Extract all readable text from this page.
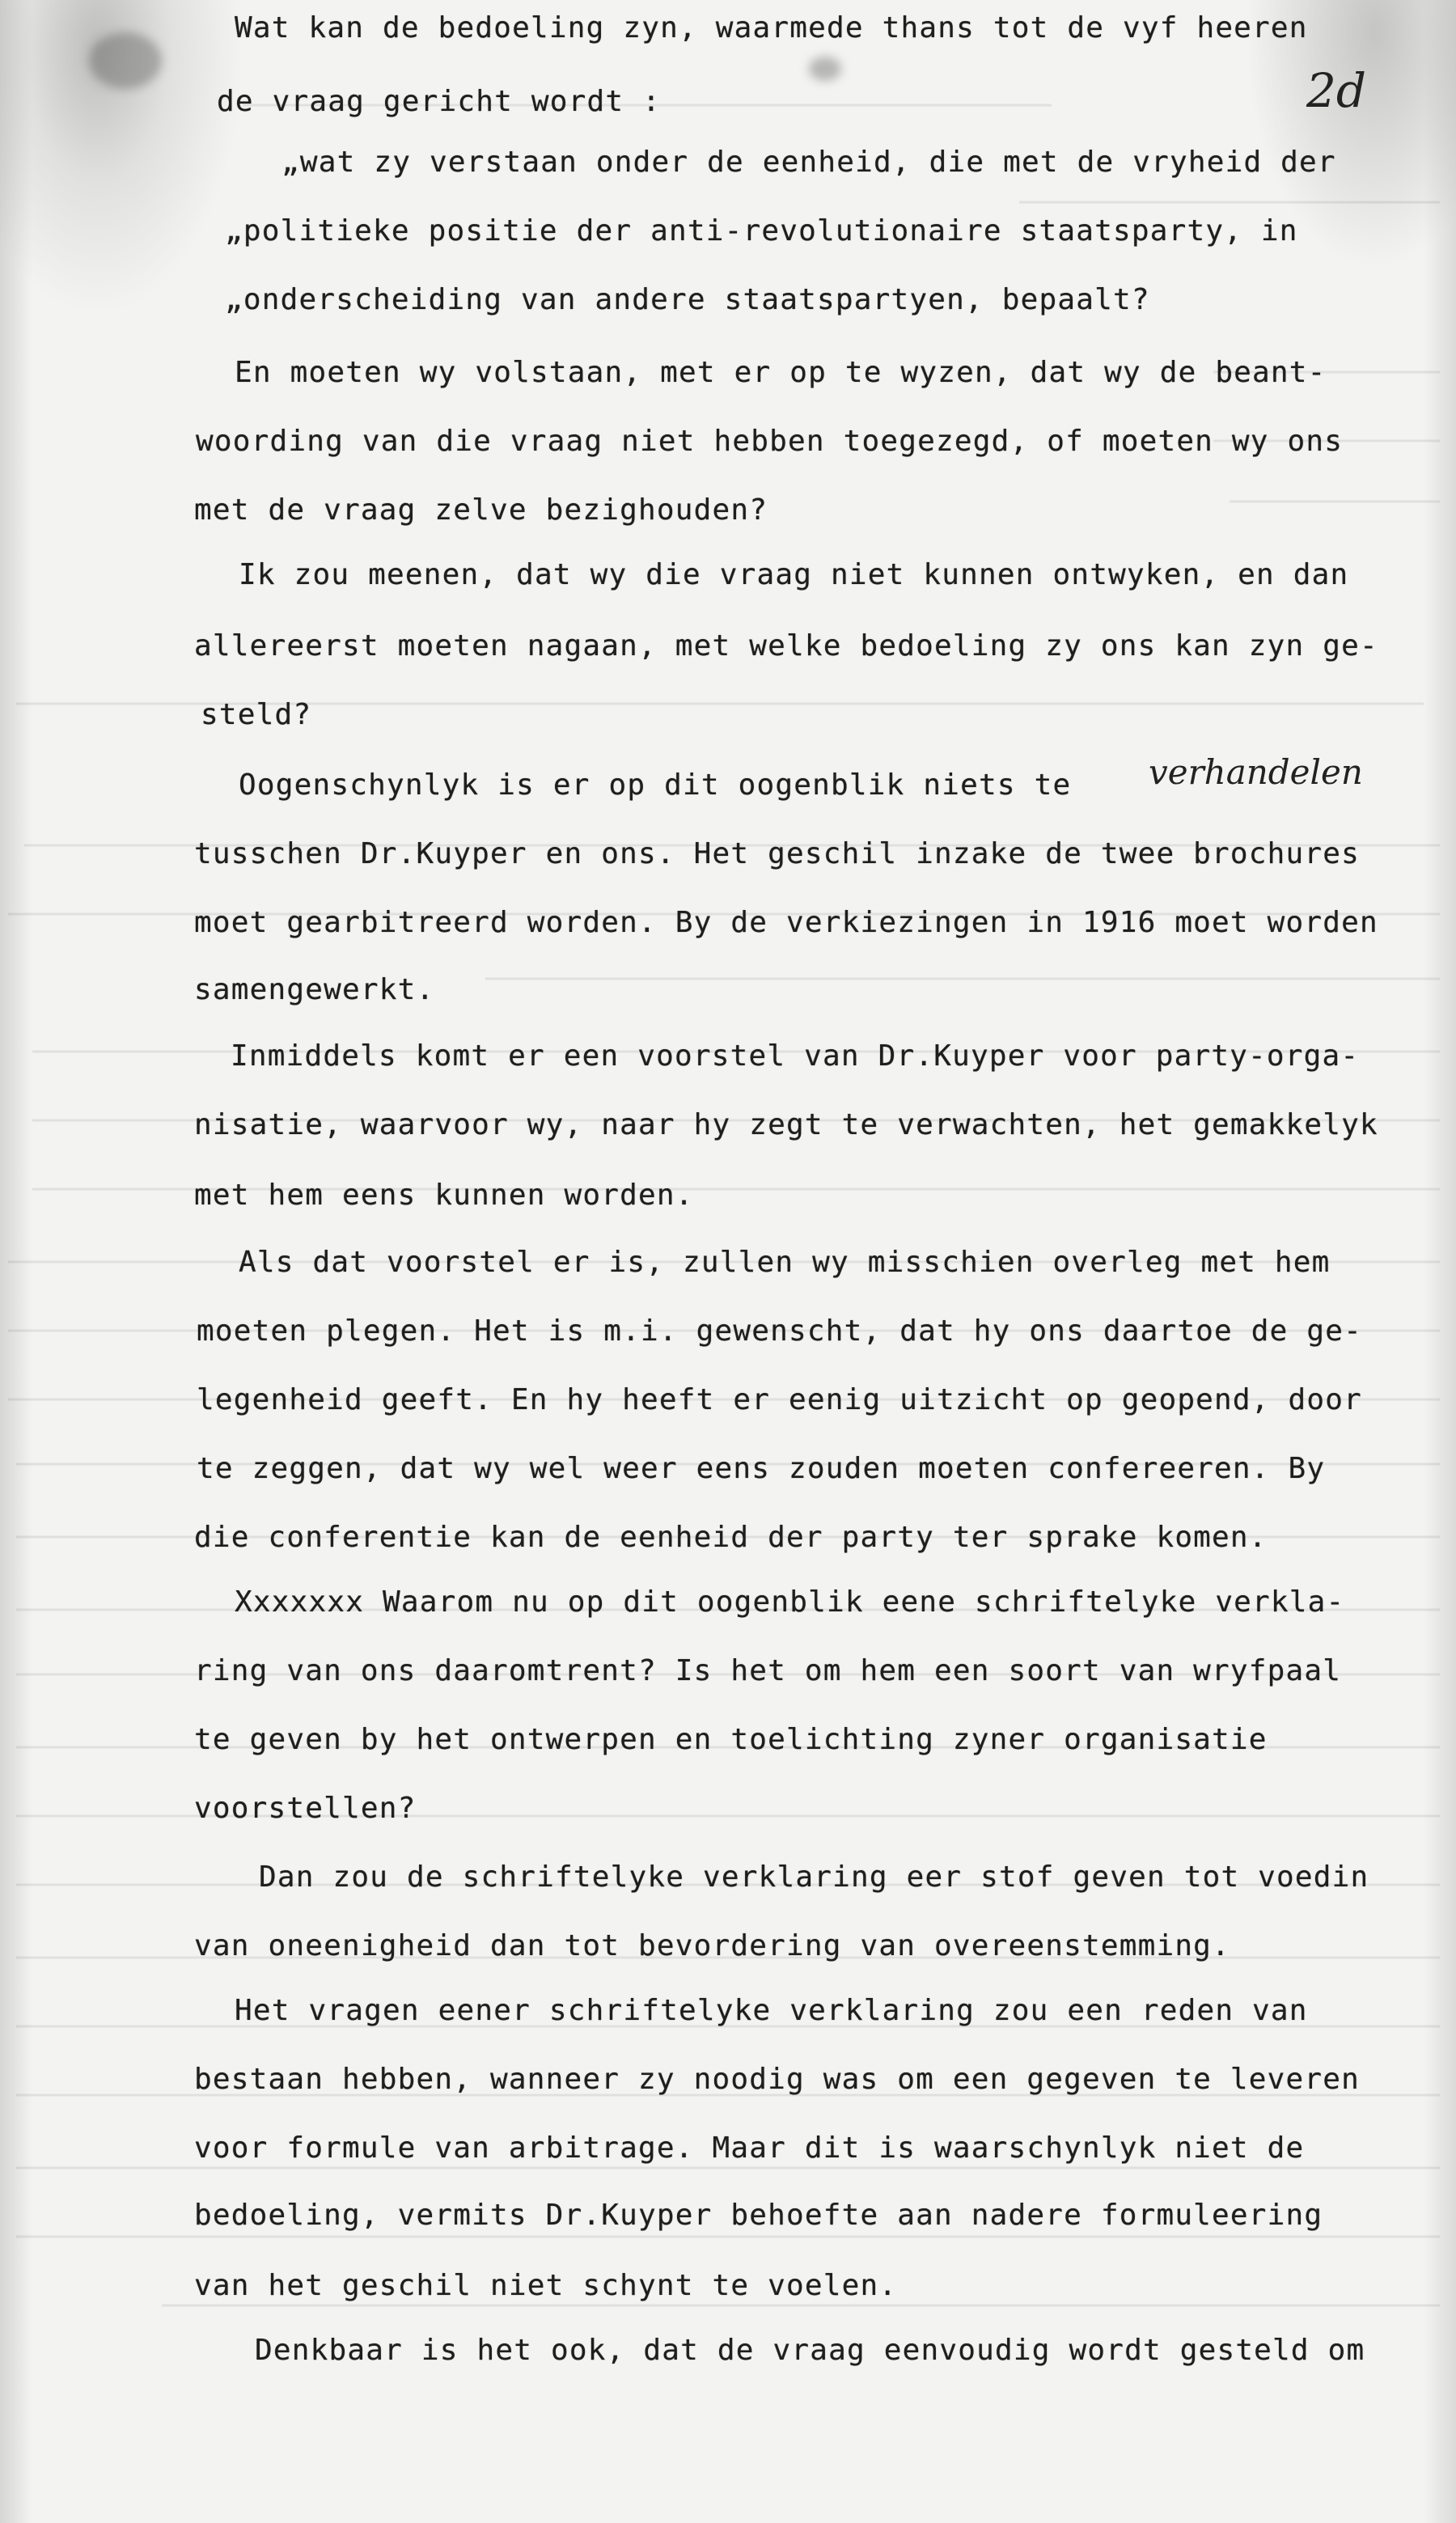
2d
Wat kan de bedoeling zyn, waarmede thans tot de vyf heeren
de vraag gericht wordt :
„wat zy verstaan onder de eenheid, die met de vryheid der
„politieke positie der anti-revolutionaire staatsparty, in
„onderscheiding van andere staatspartyen, bepaalt?
En moeten wy volstaan, met er op te wyzen, dat wy de beant-
woording van die vraag niet hebben toegezegd, of moeten wy ons
met de vraag zelve bezighouden?
Ik zou meenen, dat wy die vraag niet kunnen ontwyken, en dan
allereerst moeten nagaan, met welke bedoeling zy ons kan zyn ge-
steld?
Oogenschynlyk is er op dit oogenblik niets te verhandelen
tusschen Dr.Kuyper en ons. Het geschil inzake de twee brochures
moet gearbitreerd worden. By de verkiezingen in 1916 moet worden
samengewerkt.
Inmiddels komt er een voorstel van Dr.Kuyper voor party-orga-
nisatie, waarvoor wy, naar hy zegt te verwachten, het gemakkelyk
met hem eens kunnen worden.
Als dat voorstel er is, zullen wy misschien overleg met hem
moeten plegen. Het is m.i. gewenscht, dat hy ons daartoe de ge-
legenheid geeft. En hy heeft er eenig uitzicht op geopend, door
te zeggen, dat wy wel weer eens zouden moeten confereeren. By
die conferentie kan de eenheid der party ter sprake komen.
Xxxxxxx Waarom nu op dit oogenblik eene schriftelyke verkla-
ring van ons daaromtrent? Is het om hem een soort van wryfpaal
te geven by het ontwerpen en toelichting zyner organisatie
voorstellen?
Dan zou de schriftelyke verklaring eer stof geven tot voedin
van oneenigheid dan tot bevordering van overeenstemming.
Het vragen eener schriftelyke verklaring zou een reden van
bestaan hebben, wanneer zy noodig was om een gegeven te leveren
voor formule van arbitrage. Maar dit is waarschynlyk niet de
bedoeling, vermits Dr.Kuyper behoefte aan nadere formuleering
van het geschil niet schynt te voelen.
Denkbaar is het ook, dat de vraag eenvoudig wordt gesteld om
